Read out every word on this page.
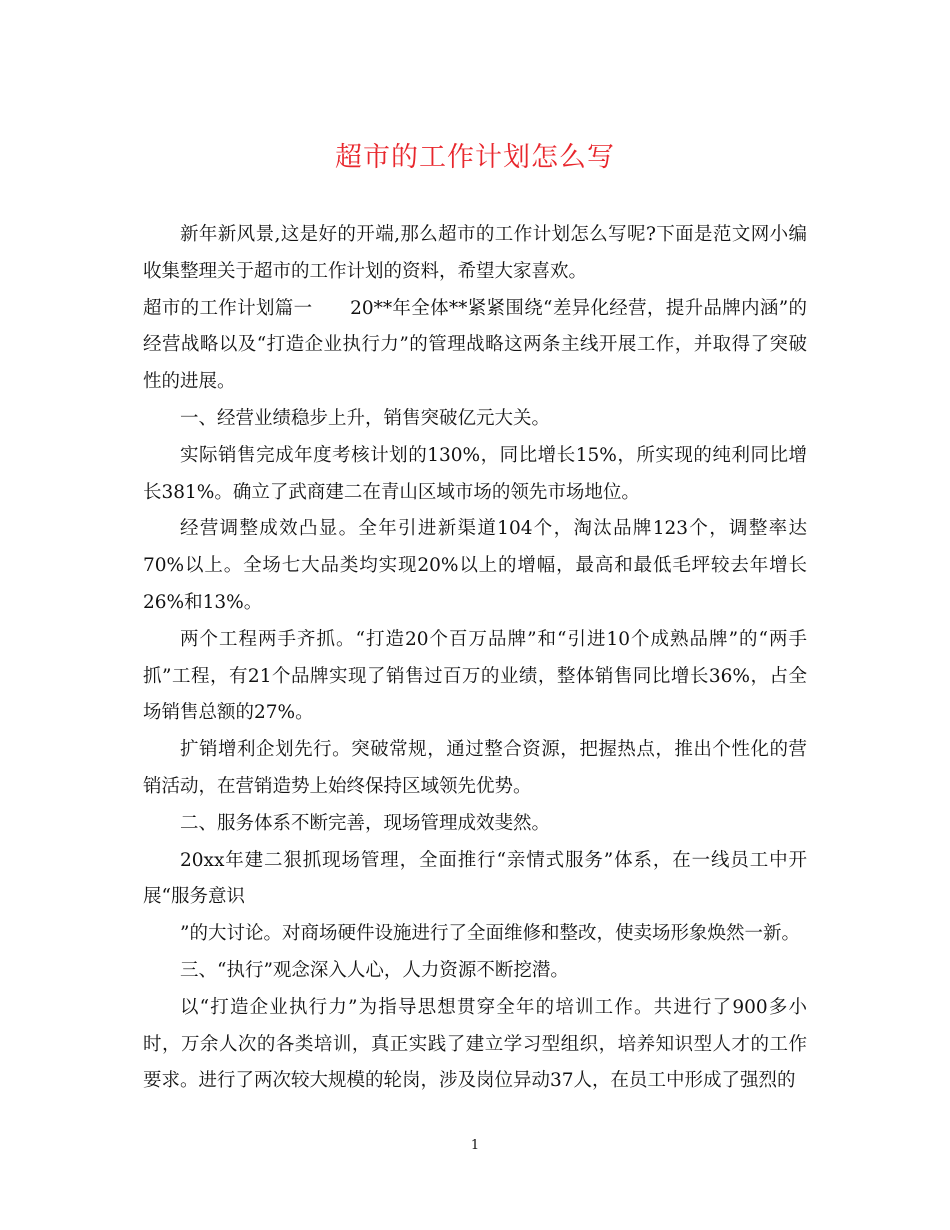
超市的工作计划怎么写

新年新风景,这是好的开端,那么超市的工作计划怎么写呢?下面是范文网小编收集整理关于超市的工作计划的资料，希望大家喜欢。

超市的工作计划篇一　　20**年全体**紧紧围绕“差异化经营，提升品牌内涵”的经营战略以及“打造企业执行力”的管理战略这两条主线开展工作，并取得了突破性的进展。

一、经营业绩稳步上升，销售突破亿元大关。

实际销售完成年度考核计划的130%，同比增长15%，所实现的纯利同比增长381%。确立了武商建二在青山区域市场的领先市场地位。

经营调整成效凸显。全年引进新渠道104个，淘汰品牌123个，调整率达70%以上。全场七大品类均实现20%以上的增幅，最高和最低毛坪较去年增长26%和13%。

两个工程两手齐抓。“打造20个百万品牌”和“引进10个成熟品牌”的“两手抓”工程，有21个品牌实现了销售过百万的业绩，整体销售同比增长36%，占全场销售总额的27%。

扩销增利企划先行。突破常规，通过整合资源，把握热点，推出个性化的营销活动，在营销造势上始终保持区域领先优势。

二、服务体系不断完善，现场管理成效斐然。

20xx年建二狠抓现场管理，全面推行“亲情式服务”体系，在一线员工中开展“服务意识

”的大讨论。对商场硬件设施进行了全面维修和整改，使卖场形象焕然一新。

三、“执行”观念深入人心，人力资源不断挖潜。

以“打造企业执行力”为指导思想贯穿全年的培训工作。共进行了900多小时，万余人次的各类培训，真正实践了建立学习型组织，培养知识型人才的工作要求。进行了两次较大规模的轮岗，涉及岗位异动37人，在员工中形成了强烈的

1
